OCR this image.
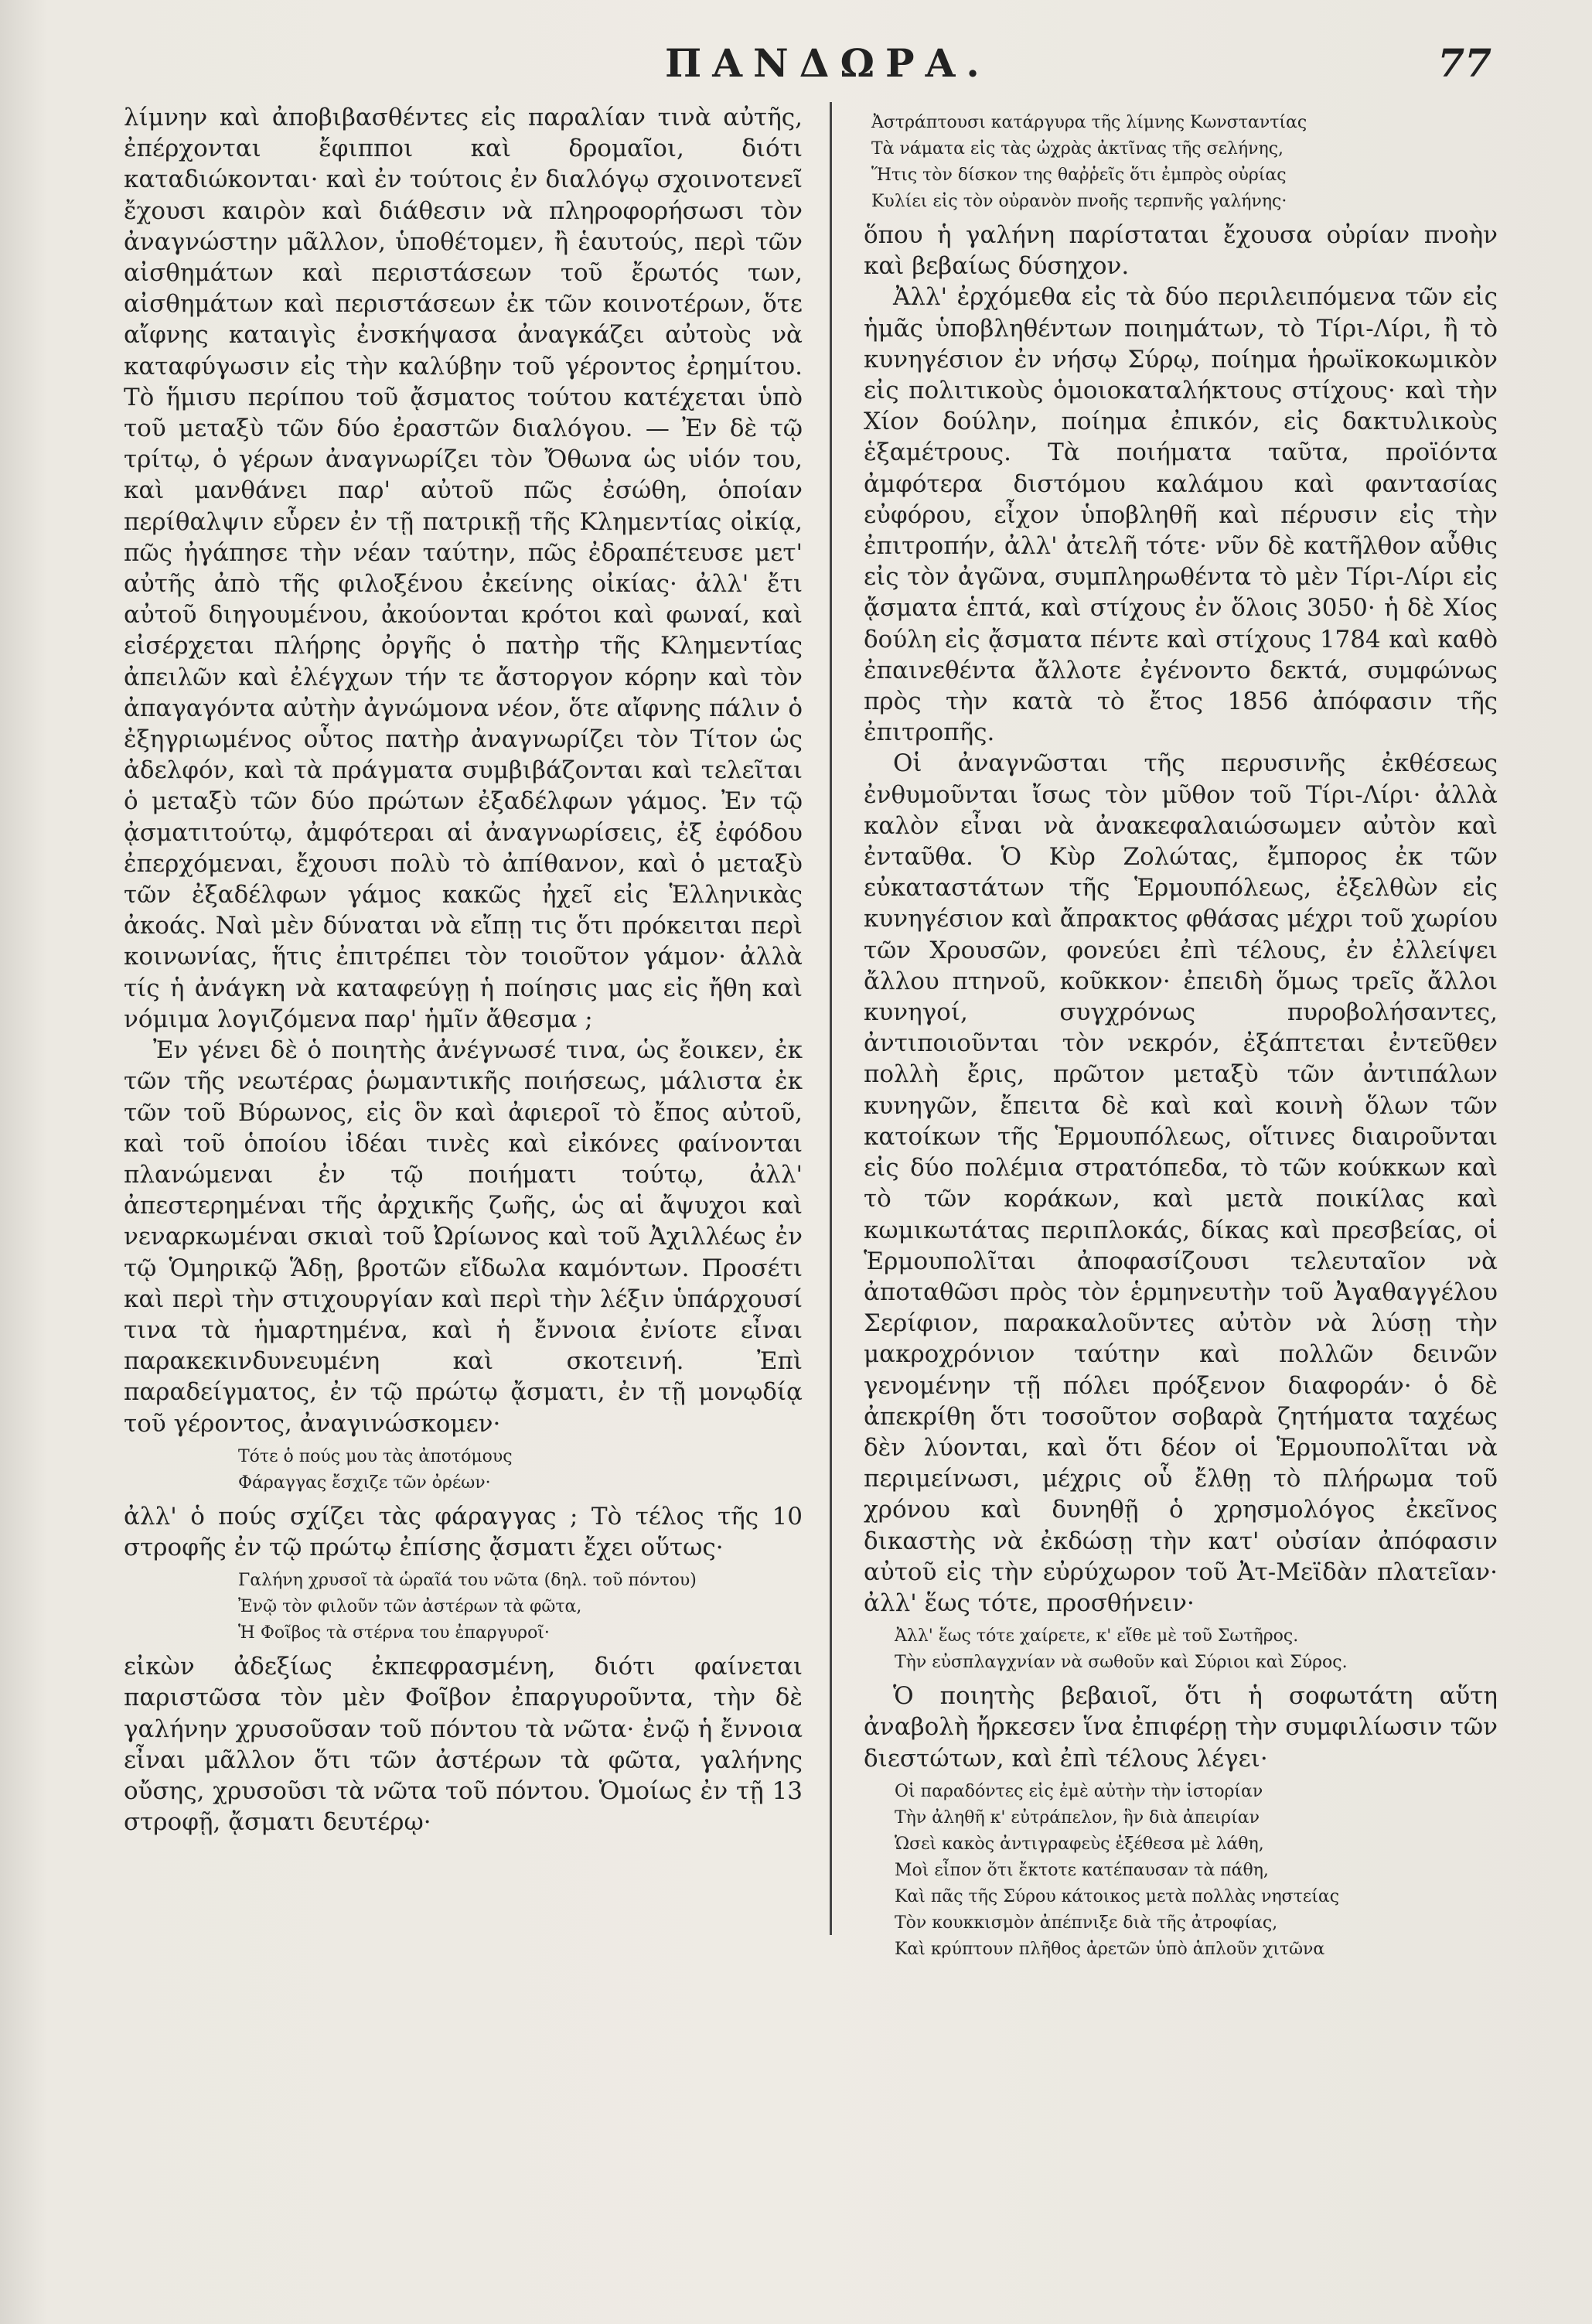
ΠΑΝΔΩΡΑ.	77

λίμνην καὶ ἀποβιβασθέντες εἰς παραλίαν τινὰ αὐτῆς, ἐπέρχονται ἔφιπποι καὶ δρομαῖοι, διότι καταδιώκονται· καὶ ἐν τούτοις ἐν διαλόγῳ σχοινοτενεῖ ἔχουσι καιρὸν καὶ διάθεσιν νὰ πληροφορήσωσι τὸν ἀναγνώστην μᾶλλον, ὑποθέτομεν, ἢ ἑαυτούς, περὶ τῶν αἰσθημάτων καὶ περιστάσεων τοῦ ἔρωτός των, αἰσθημάτων καὶ περιστάσεων ἐκ τῶν κοινοτέρων, ὅτε αἴφνης καταιγὶς ἐνσκήψασα ἀναγκάζει αὐτοὺς νὰ καταφύγωσιν εἰς τὴν καλύβην τοῦ γέροντος ἐρημίτου. Τὸ ἥμισυ περίπου τοῦ ᾄσματος τούτου κατέχεται ὑπὸ τοῦ μεταξὺ τῶν δύο ἐραστῶν διαλόγου. — Ἐν δὲ τῷ τρίτῳ, ὁ γέρων ἀναγνωρίζει τὸν Ὄθωνα ὡς υἱόν του, καὶ μανθάνει παρ' αὐτοῦ πῶς ἐσώθη, ὁποίαν περίθαλψιν εὗρεν ἐν τῇ πατρικῇ τῆς Κλημεντίας οἰκίᾳ, πῶς ἠγάπησε τὴν νέαν ταύτην, πῶς ἐδραπέτευσε μετ' αὐτῆς ἀπὸ τῆς φιλοξένου ἐκείνης οἰκίας· ἀλλ' ἔτι αὐτοῦ διηγουμένου, ἀκούονται κρότοι καὶ φωναί, καὶ εἰσέρχεται πλήρης ὀργῆς ὁ πατὴρ τῆς Κλημεντίας ἀπειλῶν καὶ ἐλέγχων τήν τε ἄστοργον κόρην καὶ τὸν ἀπαγαγόντα αὐτὴν ἀγνώμονα νέον, ὅτε αἴφνης πάλιν ὁ ἐξηγριωμένος οὗτος πατὴρ ἀναγνωρίζει τὸν Τίτον ὡς ἀδελφόν, καὶ τὰ πράγματα συμβιβάζονται καὶ τελεῖται ὁ μεταξὺ τῶν δύο πρώτων ἐξαδέλφων γάμος. Ἐν τῷ ᾀσματιτούτῳ, ἀμφότεραι αἱ ἀναγνωρίσεις, ἐξ ἐφόδου ἐπερχόμεναι, ἔχουσι πολὺ τὸ ἀπίθανον, καὶ ὁ μεταξὺ τῶν ἐξαδέλφων γάμος κακῶς ἠχεῖ εἰς Ἑλληνικὰς ἀκοάς. Ναὶ μὲν δύναται νὰ εἴπῃ τις ὅτι πρόκειται περὶ κοινωνίας, ἥτις ἐπιτρέπει τὸν τοιοῦτον γάμον· ἀλλὰ τίς ἡ ἀνάγκη νὰ καταφεύγῃ ἡ ποίησις μας εἰς ἤθη καὶ νόμιμα λογιζόμενα παρ' ἡμῖν ἄθεσμα ;

Ἐν γένει δὲ ὁ ποιητὴς ἀνέγνωσέ τινα, ὡς ἔοικεν, ἐκ τῶν τῆς νεωτέρας ῥωμαντικῆς ποιήσεως, μάλιστα ἐκ τῶν τοῦ Βύρωνος, εἰς ὃν καὶ ἀφιεροῖ τὸ ἔπος αὐτοῦ, καὶ τοῦ ὁποίου ἰδέαι τινὲς καὶ εἰκόνες φαίνονται πλανώμεναι ἐν τῷ ποιήματι τούτῳ, ἀλλ' ἀπεστερημέναι τῆς ἀρχικῆς ζωῆς, ὡς αἱ ἄψυχοι καὶ νεναρκωμέναι σκιαὶ τοῦ Ὠρίωνος καὶ τοῦ Ἀχιλλέως ἐν τῷ Ὁμηρικῷ Ἅδῃ, βροτῶν εἴδωλα καμόντων. Προσέτι καὶ περὶ τὴν στιχουργίαν καὶ περὶ τὴν λέξιν ὑπάρχουσί τινα τὰ ἡμαρτημένα, καὶ ἡ ἔννοια ἐνίοτε εἶναι παρακεκινδυνευμένη καὶ σκοτεινή. Ἐπὶ παραδείγματος, ἐν τῷ πρώτῳ ᾄσματι, ἐν τῇ μονῳδίᾳ τοῦ γέροντος, ἀναγινώσκομεν·

Τότε ὁ πούς μου τὰς ἀποτόμους
Φάραγγας ἔσχιζε τῶν ὀρέων·

ἀλλ' ὁ πούς σχίζει τὰς φάραγγας ; Τὸ τέλος τῆς 10 στροφῆς ἐν τῷ πρώτῳ ἐπίσης ᾄσματι ἔχει οὕτως·

Γαλήνη χρυσοῖ τὰ ὡραῖά του νῶτα (δηλ. τοῦ πόντου)
Ἐνῷ τὸν φιλοῦν τῶν ἀστέρων τὰ φῶτα,
Ἡ Φοῖβος τὰ στέρνα του ἐπαργυροῖ·

εἰκὼν ἀδεξίως ἐκπεφρασμένη, διότι φαίνεται παριστῶσα τὸν μὲν Φοῖβον ἐπαργυροῦντα, τὴν δὲ γαλήνην χρυσοῦσαν τοῦ πόντου τὰ νῶτα· ἐνῷ ἡ ἔννοια εἶναι μᾶλλον ὅτι τῶν ἀστέρων τὰ φῶτα, γαλήνης οὔσης, χρυσοῦσι τὰ νῶτα τοῦ πόντου. Ὁμοίως ἐν τῇ 13 στροφῇ, ᾄσματι δευτέρῳ·

Ἀστράπτουσι κατάργυρα τῆς λίμνης Κωνσταντίας
Τὰ νάματα εἰς τὰς ὠχρὰς ἀκτῖνας τῆς σελήνης,
Ἥτις τὸν δίσκον της θαῤῥεῖς ὅτι ἐμπρὸς οὐρίας
Κυλίει εἰς τὸν οὐρανὸν πνοῆς τερπνῆς γαλήνης·

ὅπου ἡ γαλήνη παρίσταται ἔχουσα οὐρίαν πνοὴν καὶ βεβαίως δύσηχον.

Ἀλλ' ἐρχόμεθα εἰς τὰ δύο περιλειπόμενα τῶν εἰς ἡμᾶς ὑποβληθέντων ποιημάτων, τὸ Τίρι-Λίρι, ἢ τὸ κυνηγέσιον ἐν νήσῳ Σύρῳ, ποίημα ἡρωϊκοκωμικὸν εἰς πολιτικοὺς ὁμοιοκαταλήκτους στίχους· καὶ τὴν Χίον δούλην, ποίημα ἐπικόν, εἰς δακτυλικοὺς ἑξαμέτρους. Τὰ ποιήματα ταῦτα, προϊόντα ἀμφότερα διστόμου καλάμου καὶ φαντασίας εὐφόρου, εἶχον ὑποβληθῆ καὶ πέρυσιν εἰς τὴν ἐπιτροπήν, ἀλλ' ἀτελῆ τότε· νῦν δὲ κατῆλθον αὖθις εἰς τὸν ἀγῶνα, συμπληρωθέντα τὸ μὲν Τίρι-Λίρι εἰς ᾄσματα ἑπτά, καὶ στίχους ἐν ὅλοις 3050· ἡ δὲ Χίος δούλη εἰς ᾄσματα πέντε καὶ στίχους 1784 καὶ καθὸ ἐπαινεθέντα ἄλλοτε ἐγένοντο δεκτά, συμφώνως πρὸς τὴν κατὰ τὸ ἔτος 1856 ἀπόφασιν τῆς ἐπιτροπῆς.

Οἱ ἀναγνῶσται τῆς περυσινῆς ἐκθέσεως ἐνθυμοῦνται ἴσως τὸν μῦθον τοῦ Τίρι-Λίρι· ἀλλὰ καλὸν εἶναι νὰ ἀνακεφαλαιώσωμεν αὐτὸν καὶ ἐνταῦθα. Ὁ Κὺρ Ζολώτας, ἔμπορος ἐκ τῶν εὐκαταστάτων τῆς Ἑρμουπόλεως, ἐξελθὼν εἰς κυνηγέσιον καὶ ἄπρακτος φθάσας μέχρι τοῦ χωρίου τῶν Χρουσῶν, φονεύει ἐπὶ τέλους, ἐν ἐλλείψει ἄλλου πτηνοῦ, κοῦκκον· ἐπειδὴ ὅμως τρεῖς ἄλλοι κυνηγοί, συγχρόνως πυροβολήσαντες, ἀντιποιοῦνται τὸν νεκρόν, ἐξάπτεται ἐντεῦθεν πολλὴ ἔρις, πρῶτον μεταξὺ τῶν ἀντιπάλων κυνηγῶν, ἔπειτα δὲ καὶ καὶ κοινὴ ὅλων τῶν κατοίκων τῆς Ἑρμουπόλεως, οἵτινες διαιροῦνται εἰς δύο πολέμια στρατόπεδα, τὸ τῶν κούκκων καὶ τὸ τῶν κοράκων, καὶ μετὰ ποικίλας καὶ κωμικωτάτας περιπλοκάς, δίκας καὶ πρεσβείας, οἱ Ἑρμουπολῖται ἀποφασίζουσι τελευταῖον νὰ ἀποταθῶσι πρὸς τὸν ἑρμηνευτὴν τοῦ Ἀγαθαγγέλου Σερίφιον, παρακαλοῦντες αὐτὸν νὰ λύσῃ τὴν μακροχρόνιον ταύτην καὶ πολλῶν δεινῶν γενομένην τῇ πόλει πρόξενον διαφοράν· ὁ δὲ ἀπεκρίθη ὅτι τοσοῦτον σοβαρὰ ζητήματα ταχέως δὲν λύονται, καὶ ὅτι δέον οἱ Ἑρμουπολῖται νὰ περιμείνωσι, μέχρις οὗ ἔλθῃ τὸ πλήρωμα τοῦ χρόνου καὶ δυνηθῇ ὁ χρησμολόγος ἐκεῖνος δικαστὴς νὰ ἐκδώσῃ τὴν κατ' οὐσίαν ἀπόφασιν αὐτοῦ εἰς τὴν εὐρύχωρον τοῦ Ἀτ-Μεϊδὰν πλατεῖαν· ἀλλ' ἕως τότε, προσθήνειν·

Ἀλλ' ἕως τότε χαίρετε, κ' εἴθε μὲ τοῦ Σωτῆρος.
Τὴν εὐσπλαγχνίαν νὰ σωθοῦν καὶ Σύριοι καὶ Σύρος.

Ὁ ποιητὴς βεβαιοῖ, ὅτι ἡ σοφωτάτη αὕτη ἀναβολὴ ἤρκεσεν ἵνα ἐπιφέρῃ τὴν συμφιλίωσιν τῶν διεστώτων, καὶ ἐπὶ τέλους λέγει·

Οἱ παραδόντες εἰς ἐμὲ αὐτὴν τὴν ἱστορίαν
Τὴν ἀληθῆ κ' εὐτράπελον, ἣν διὰ ἀπειρίαν
Ὡσεὶ κακὸς ἀντιγραφεὺς ἐξέθεσα μὲ λάθη,
Μοὶ εἶπον ὅτι ἔκτοτε κατέπαυσαν τὰ πάθη,
Καὶ πᾶς τῆς Σύρου κάτοικος μετὰ πολλὰς νηστείας
Τὸν κουκκισμὸν ἀπέπνιξε διὰ τῆς ἀτροφίας,
Καὶ κρύπτουν πλῆθος ἀρετῶν ὑπὸ ἁπλοῦν χιτῶνα
